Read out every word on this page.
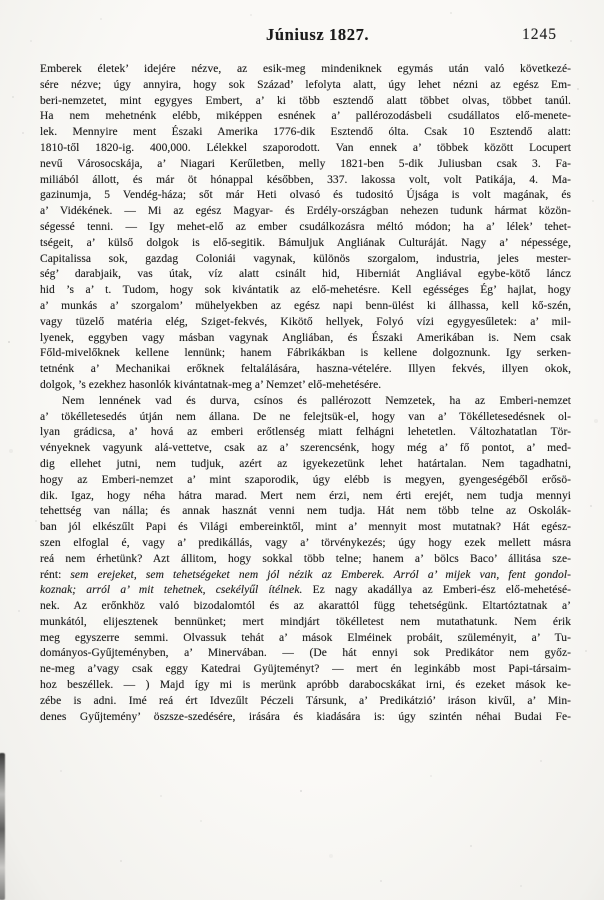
Júniusz 1827.	1245
Emberek életek’ idejére nézve, az esik-meg mindeniknek egymás után való következé-
sére nézve; úgy annyira, hogy sok Század’ lefolyta alatt, úgy lehet nézni az egész Em-
beri-nemzetet, mint egygyes Embert, a’ ki több esztendő alatt többet olvas, többet tanúl.
Ha nem mehetnénk elébb, miképpen esnének a’ pallérozodásbeli csudállatos elő-menete-
lek. Mennyire ment Északi Amerika 1776-dik Esztendő ólta. Csak 10 Esztendő alatt:
1810-től 1820-ig. 400,000. Lélekkel szaporodott. Van ennek a’ többek között Locupert
nevű Városocskája, a’ Niagari Kerűletben, melly 1821-ben 5-dik Juliusban csak 3. Fa-
miliából állott, és már öt hónappal későbben, 337. lakossa volt, volt Patikája, 4. Ma-
gazinumja, 5 Vendég-háza; sőt már Heti olvasó és tudositó Újsága is volt magának, és
a’ Vidékének. — Mi az egész Magyar- és Erdély-országban nehezen tudunk hármat közön-
ségessé tenni. — Igy mehet-elő az ember csudálkozásra méltó módon; ha a’ lélek’ tehet-
tségeit, a’ külső dolgok is elő-segitik. Bámuljuk Angliának Culturáját. Nagy a’ népessége,
Capitalissa sok, gazdag Coloniái vagynak, különös szorgalom, industria, jeles mester-
ség’ darabjaik, vas útak, víz alatt csinált hid, Hiberniát Angliával egybe-kötő láncz
hid ’s a’ t. Tudom, hogy sok kivántatik az elő-mehetésre. Kell egésséges Ég’ hajlat, hogy
a’ munkás a’ szorgalom’ mühelyekben az egész napi benn-ülést ki állhassa, kell kő-szén,
vagy tüzelő matéria elég, Sziget-fekvés, Kikötő hellyek, Folyó vízi egygyesűletek: a’ mil-
lyenek, eggyben vagy másban vagynak Angliában, és Északi Amerikában is. Nem csak
Főld-mivelőknek kellene lennünk; hanem Fábrikákban is kellene dolgoznunk. Igy serken-
tetnénk a’ Mechanikai erőknek feltalálására, haszna-vételére. Illyen fekvés, illyen okok,
dolgok, ’s ezekhez hasonlók kivántatnak-meg a’ Nemzet’ elő-mehetésére.
Nem lennének vad és durva, csínos és pallérozott Nemzetek, ha az Emberi-nemzet
a’ tökélletesedés útján nem állana. De ne felejtsük-el, hogy van a’ Tökélletesedésnek ol-
lyan grádicsa, a’ hová az emberi erőtlenség miatt felhágni lehetetlen. Változhatatlan Tör-
vényeknek vagyunk alá-vettetve, csak az a’ szerencsénk, hogy még a’ fő pontot, a’ med-
dig ellehet jutni, nem tudjuk, azért az igyekezetünk lehet határtalan. Nem tagadhatni,
hogy az Emberi-nemzet a’ mint szaporodik, úgy elébb is megyen, gyengeségéből erősö-
dik. Igaz, hogy néha hátra marad. Mert nem érzi, nem érti erejét, nem tudja mennyi
tehettség van nálla; és annak hasznát venni nem tudja. Hát nem több telne az Oskolák-
ban jól elkészűlt Papi és Világi embereinktől, mint a’ mennyit most mutatnak? Hát egész-
szen elfoglal é, vagy a’ predikállás, vagy a’ törvénykezés; úgy hogy ezek mellett másra
reá nem érhetünk? Azt állitom, hogy sokkal több telne; hanem a’ bölcs Baco’ állitása sze-
rént: sem erejeket, sem tehetségeket nem jól nézik az Emberek. Arról a’ mijek van, fent gondol-
koznak; arról a’ mit tehetnek, csekélyűl ítélnek. Ez nagy akadállya az Emberi-ész elő-mehetésé-
nek. Az erőnkhöz való bizodalomtól és az akarattól függ tehetségünk. Eltartóztatnak a’
munkától, elijesztenek bennünket; mert mindjárt tökélletest nem mutathatunk. Nem érik
meg egyszerre semmi. Olvassuk tehát a’ mások Elméinek probáit, szüleményit, a’ Tu-
dományos-Gyűjteményben, a’ Minervában. — (De hát ennyi sok Predikátor nem győz-
ne-meg a’vagy csak eggy Katedrai Gyüjteményt? — mert én leginkább most Papi-társaim-
hoz beszéllek. — ) Majd így mi is merünk apróbb darabocskákat irni, és ezeket mások ke-
zébe is adni. Imé reá ért Idvezűlt Péczeli Társunk, a’ Predikátzió’ iráson kivűl, a’ Min-
denes Gyűjtemény’ öszsze-szedésére, irására és kiadására is: úgy szintén néhai Budai Fe-
